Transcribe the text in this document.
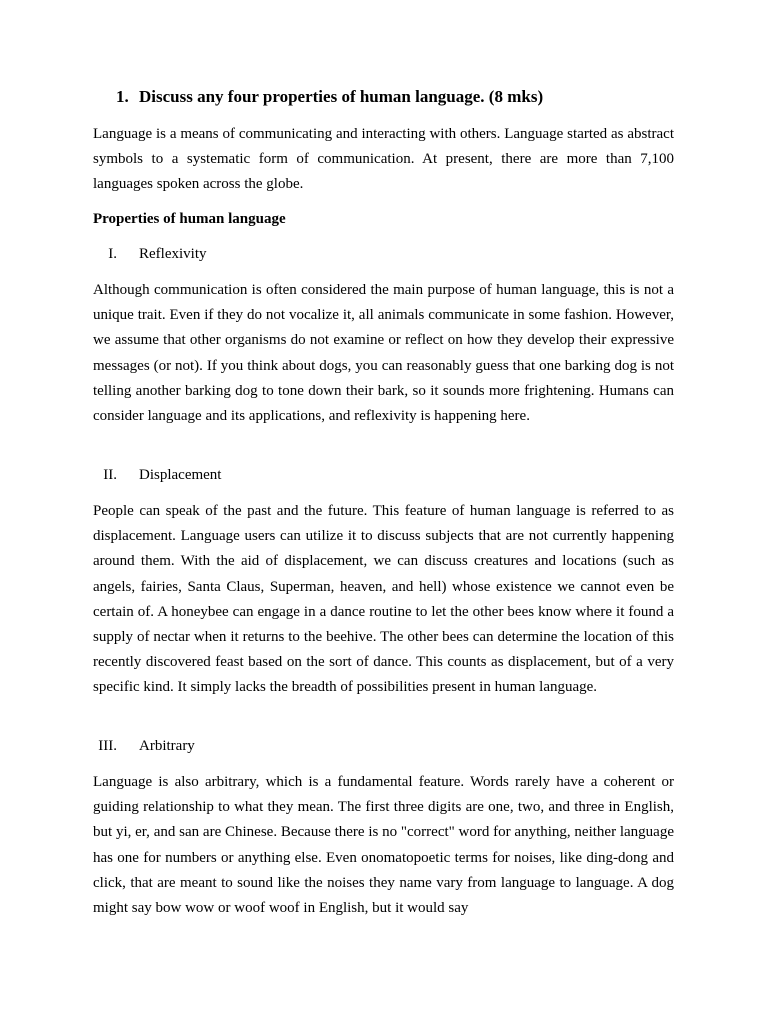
1. Discuss any four properties of human language. (8 mks)

Language is a means of communicating and interacting with others. Language started as abstract symbols to a systematic form of communication. At present, there are more than 7,100 languages spoken across the globe.

Properties of human language

I. Reflexivity

Although communication is often considered the main purpose of human language, this is not a unique trait. Even if they do not vocalize it, all animals communicate in some fashion. However, we assume that other organisms do not examine or reflect on how they develop their expressive messages (or not). If you think about dogs, you can reasonably guess that one barking dog is not telling another barking dog to tone down their bark, so it sounds more frightening. Humans can consider language and its applications, and reflexivity is happening here.

II. Displacement

People can speak of the past and the future. This feature of human language is referred to as displacement. Language users can utilize it to discuss subjects that are not currently happening around them. With the aid of displacement, we can discuss creatures and locations (such as angels, fairies, Santa Claus, Superman, heaven, and hell) whose existence we cannot even be certain of. A honeybee can engage in a dance routine to let the other bees know where it found a supply of nectar when it returns to the beehive. The other bees can determine the location of this recently discovered feast based on the sort of dance. This counts as displacement, but of a very specific kind. It simply lacks the breadth of possibilities present in human language.

III. Arbitrary

Language is also arbitrary, which is a fundamental feature. Words rarely have a coherent or guiding relationship to what they mean. The first three digits are one, two, and three in English, but yi, er, and san are Chinese. Because there is no "correct" word for anything, neither language has one for numbers or anything else. Even onomatopoetic terms for noises, like ding-dong and click, that are meant to sound like the noises they name vary from language to language. A dog might say bow wow or woof woof in English, but it would say
